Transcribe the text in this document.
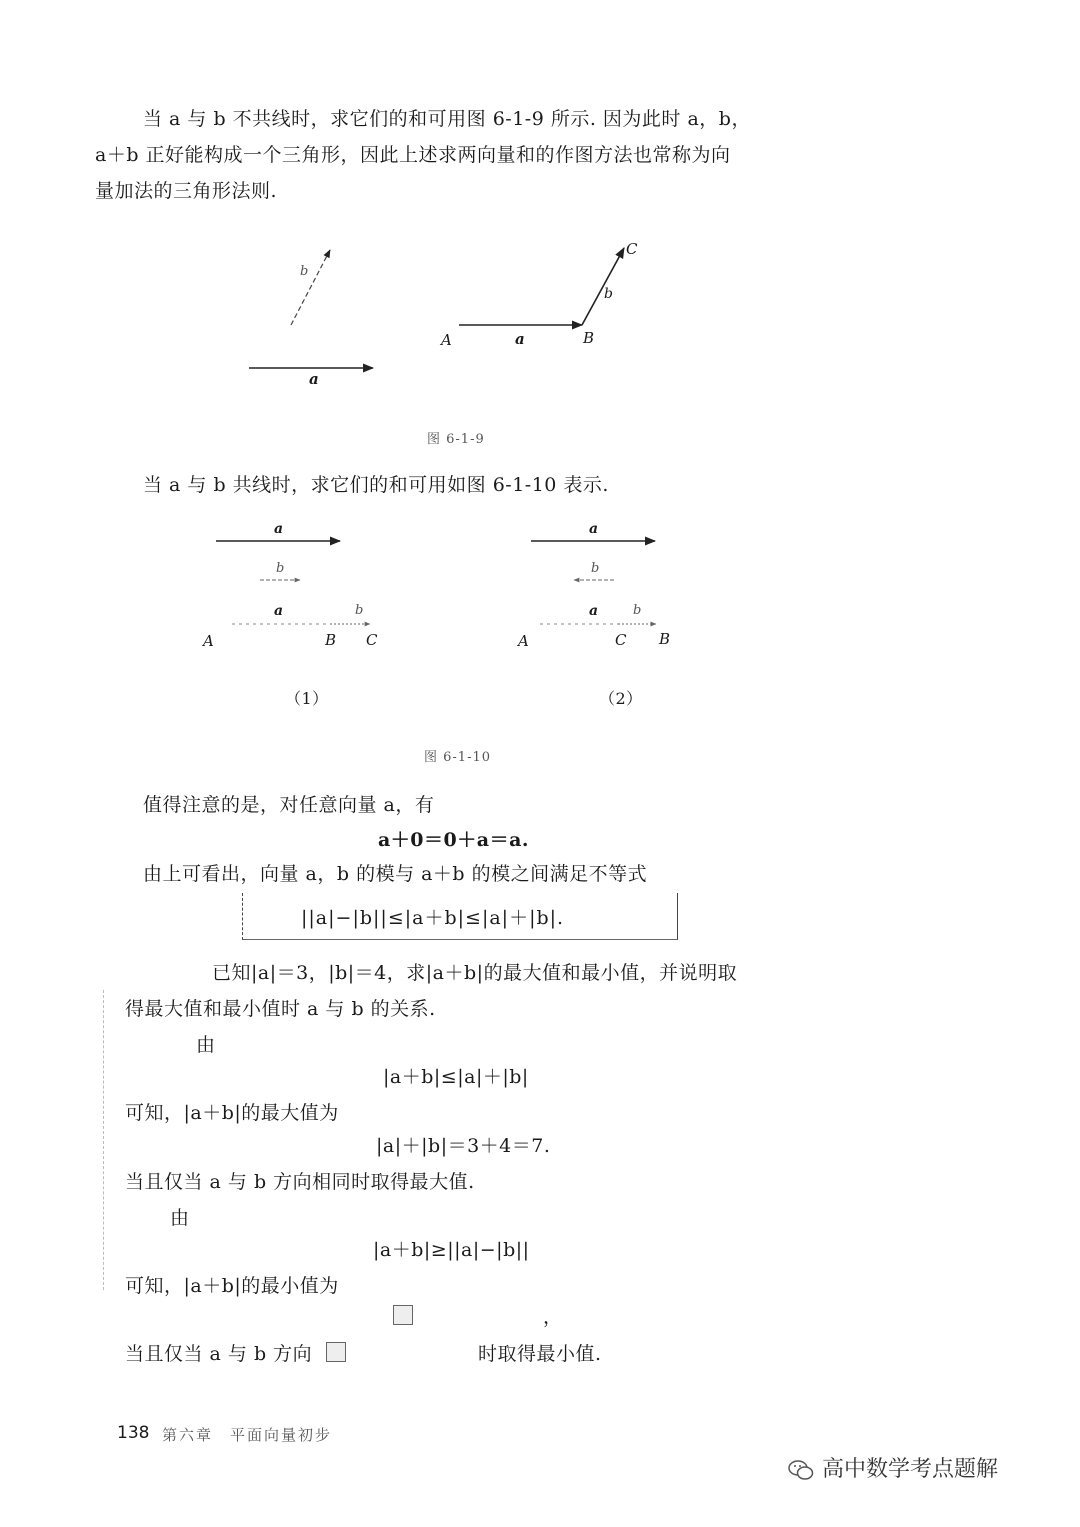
当 a 与 b 不共线时，求它们的和可用图 6-1-9 所示. 因为此时 a，b，
a＋b 正好能构成一个三角形，因此上述求两向量和的作图方法也常称为向
量加法的三角形法则.
b
a
A	a	B
b
C
图 6-1-9
当 a 与 b 共线时，求它们的和可用如图 6-1-10 表示.
a
b
a	b
A	B C
（1）
a
b
a	b
A	C B
（2）
图 6-1-10
值得注意的是，对任意向量 a，有
a＋0＝0＋a＝a.
由上可看出，向量 a，b 的模与 a＋b 的模之间满足不等式
||a|−|b||≤|a＋b|≤|a|＋|b|.
已知|a|＝3，|b|＝4，求|a＋b|的最大值和最小值，并说明取
得最大值和最小值时 a 与 b 的关系.
由
|a＋b|≤|a|＋|b|
可知，|a＋b|的最大值为
|a|＋|b|＝3＋4＝7.
当且仅当 a 与 b 方向相同时取得最大值.
由
|a＋b|≥||a|−|b||
可知，|a＋b|的最小值为
，
当且仅当 a 与 b 方向	时取得最小值.
138 第六章　平面向量初步
高中数学考点题解
